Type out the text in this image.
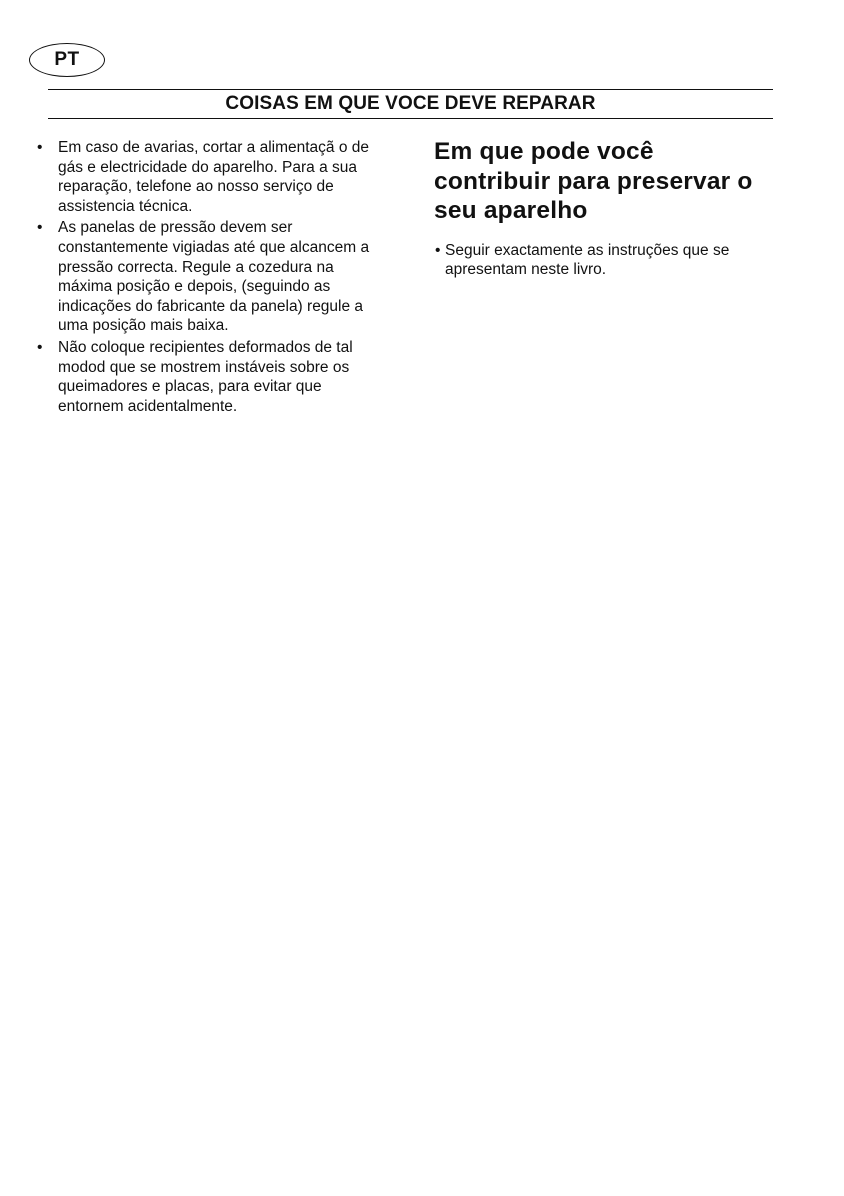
PT
COISAS EM QUE VOCE DEVE REPARAR
•	Em caso de avarias, cortar a alimentaçã o de gás e electricidade do aparelho. Para a sua reparação, telefone ao nosso serviço de assistencia técnica.
•	As panelas de pressão devem ser constantemente vigiadas até que alcancem a pressão correcta. Regule a cozedura na máxima posição e depois, (seguindo as indicações do fabricante da panela) regule a uma posição mais baixa.
•	Não coloque recipientes deformados de tal modod que se mostrem instáveis sobre os queimadores e placas, para evitar que entornem acidentalmente.
Em que pode você contribuir para preservar o seu aparelho
• Seguir exactamente as instruções que se apresentam neste livro.
